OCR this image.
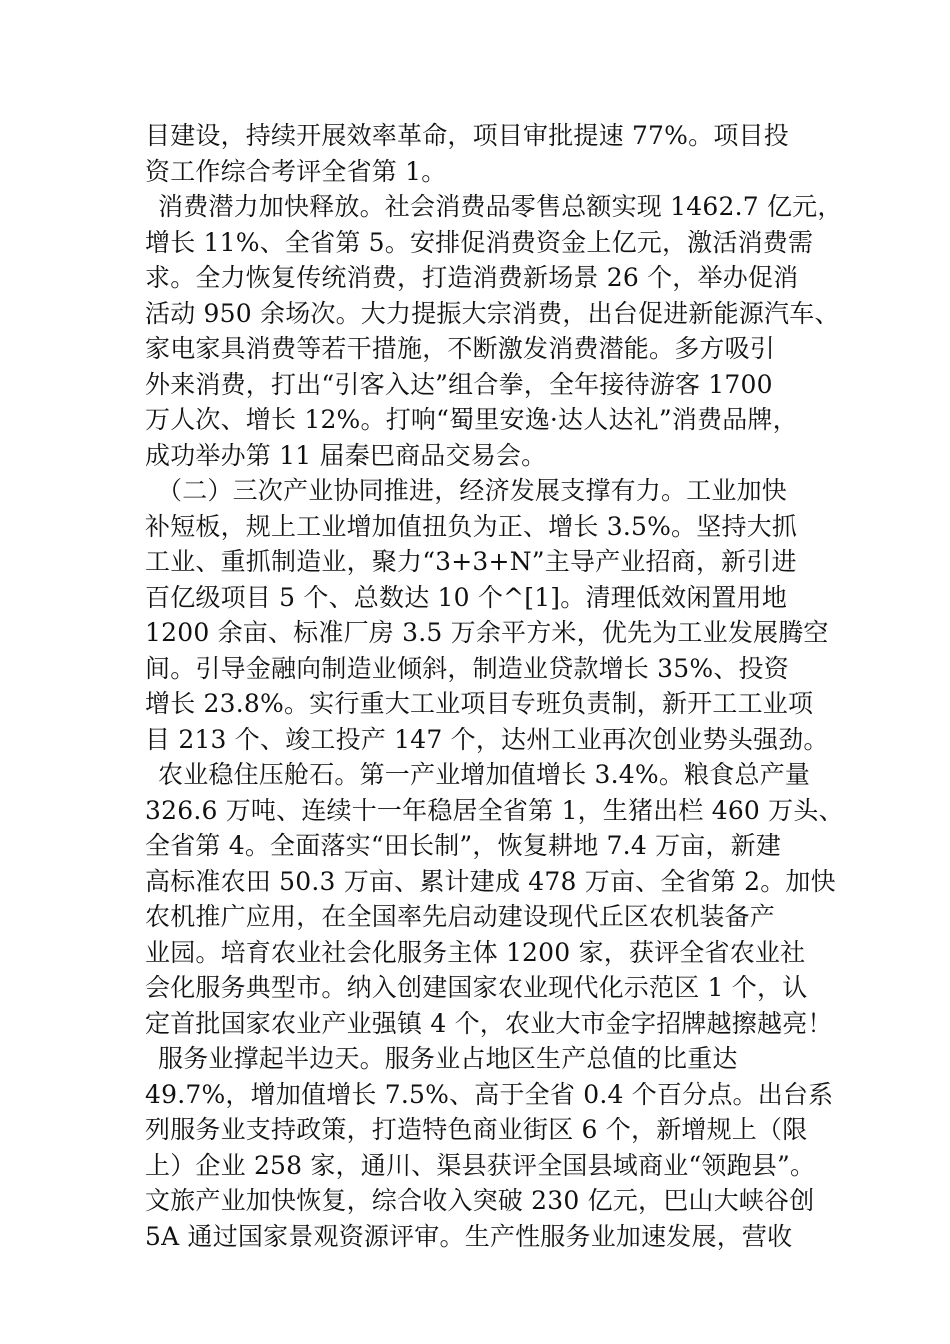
目建设，持续开展效率革命，项目审批提速 77%。项目投
资工作综合考评全省第 1。
消费潜力加快释放。社会消费品零售总额实现 1462.7 亿元，
增长 11%、全省第 5。安排促消费资金上亿元，激活消费需
求。全力恢复传统消费，打造消费新场景 26 个，举办促消
活动 950 余场次。大力提振大宗消费，出台促进新能源汽车、
家电家具消费等若干措施，不断激发消费潜能。多方吸引
外来消费，打出“引客入达”组合拳，全年接待游客 1700
万人次、增长 12%。打响“蜀里安逸·达人达礼”消费品牌，
成功举办第 11 届秦巴商品交易会。
（二）三次产业协同推进，经济发展支撑有力。工业加快
补短板，规上工业增加值扭负为正、增长 3.5%。坚持大抓
工业、重抓制造业，聚力“3+3+N”主导产业招商，新引进
百亿级项目 5 个、总数达 10 个^[1]。清理低效闲置用地
1200 余亩、标准厂房 3.5 万余平方米，优先为工业发展腾空
间。引导金融向制造业倾斜，制造业贷款增长 35%、投资
增长 23.8%。实行重大工业项目专班负责制，新开工工业项
目 213 个、竣工投产 147 个，达州工业再次创业势头强劲。
农业稳住压舱石。第一产业增加值增长 3.4%。粮食总产量
326.6 万吨、连续十一年稳居全省第 1，生猪出栏 460 万头、
全省第 4。全面落实“田长制”，恢复耕地 7.4 万亩，新建
高标准农田 50.3 万亩、累计建成 478 万亩、全省第 2。加快
农机推广应用，在全国率先启动建设现代丘区农机装备产
业园。培育农业社会化服务主体 1200 家，获评全省农业社
会化服务典型市。纳入创建国家农业现代化示范区 1 个，认
定首批国家农业产业强镇 4 个，农业大市金字招牌越擦越亮！
服务业撑起半边天。服务业占地区生产总值的比重达
49.7%，增加值增长 7.5%、高于全省 0.4 个百分点。出台系
列服务业支持政策，打造特色商业街区 6 个，新增规上（限
上）企业 258 家，通川、渠县获评全国县域商业“领跑县”。
文旅产业加快恢复，综合收入突破 230 亿元，巴山大峡谷创
5A 通过国家景观资源评审。生产性服务业加速发展，营收
